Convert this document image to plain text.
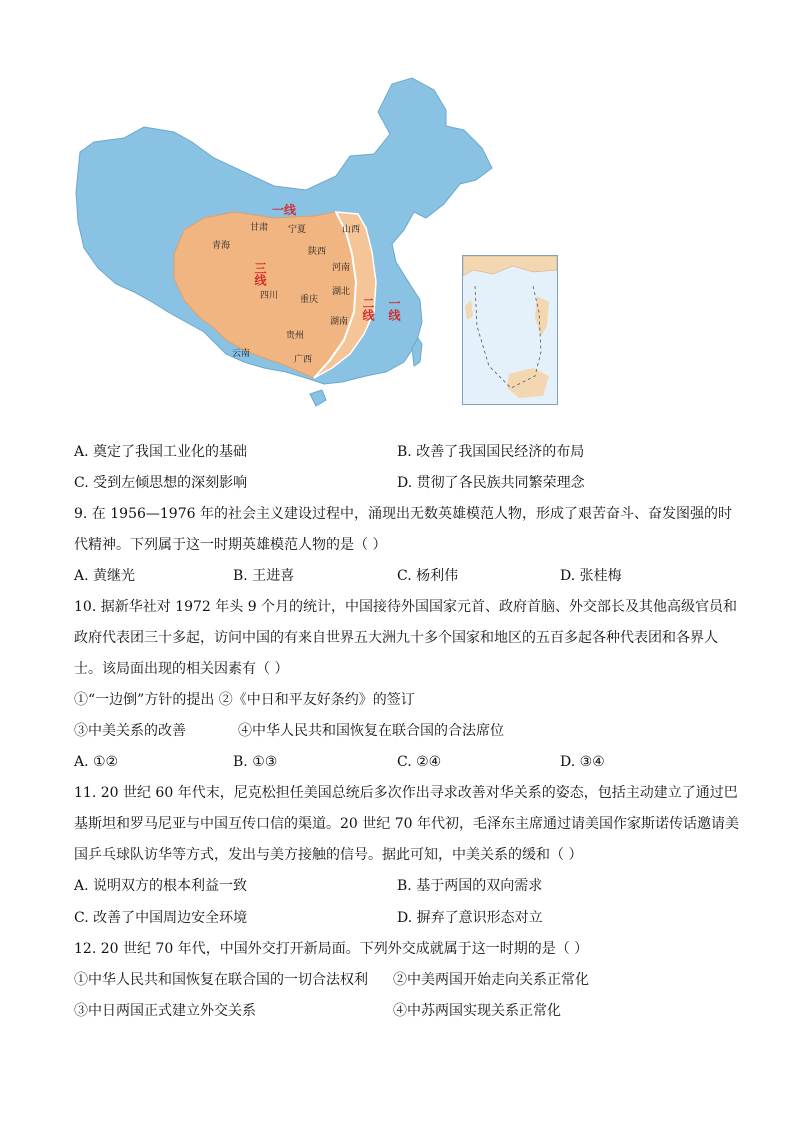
一线
三线
二线 一线
甘肃 宁夏	山西
青海
陕西
河南
四川 重庆
湖北
贵州
湖南
云南
广西
A. 奠定了我国工业化的基础	B. 改善了我国国民经济的布局
C. 受到左倾思想的深刻影响	D. 贯彻了各民族共同繁荣理念
9. 在 1956—1976 年的社会主义建设过程中，涌现出无数英雄模范人物，形成了艰苦奋斗、奋发图强的时
代精神。下列属于这一时期英雄模范人物的是（ ）
A. 黄继光	B. 王进喜	C. 杨利伟	D. 张桂梅
10. 据新华社对 1972 年头 9 个月的统计，中国接待外国国家元首、政府首脑、外交部长及其他高级官员和
政府代表团三十多起，访问中国的有来自世界五大洲九十多个国家和地区的五百多起各种代表团和各界人
士。该局面出现的相关因素有（ ）
①“一边倒”方针的提出 ②《中日和平友好条约》的签订
③中美关系的改善	④中华人民共和国恢复在联合国的合法席位
A. ①②	B. ①③	C. ②④	D. ③④
11. 20 世纪 60 年代末，尼克松担任美国总统后多次作出寻求改善对华关系的姿态，包括主动建立了通过巴
基斯坦和罗马尼亚与中国互传口信的渠道。20 世纪 70 年代初，毛泽东主席通过请美国作家斯诺传话邀请美
国乒乓球队访华等方式，发出与美方接触的信号。据此可知，中美关系的缓和（ ）
A. 说明双方的根本利益一致	B. 基于两国的双向需求
C. 改善了中国周边安全环境	D. 摒弃了意识形态对立
12. 20 世纪 70 年代，中国外交打开新局面。下列外交成就属于这一时期的是（ ）
①中华人民共和国恢复在联合国的一切合法权利 ②中美两国开始走向关系正常化
③中日两国正式建立外交关系	④中苏两国实现关系正常化
